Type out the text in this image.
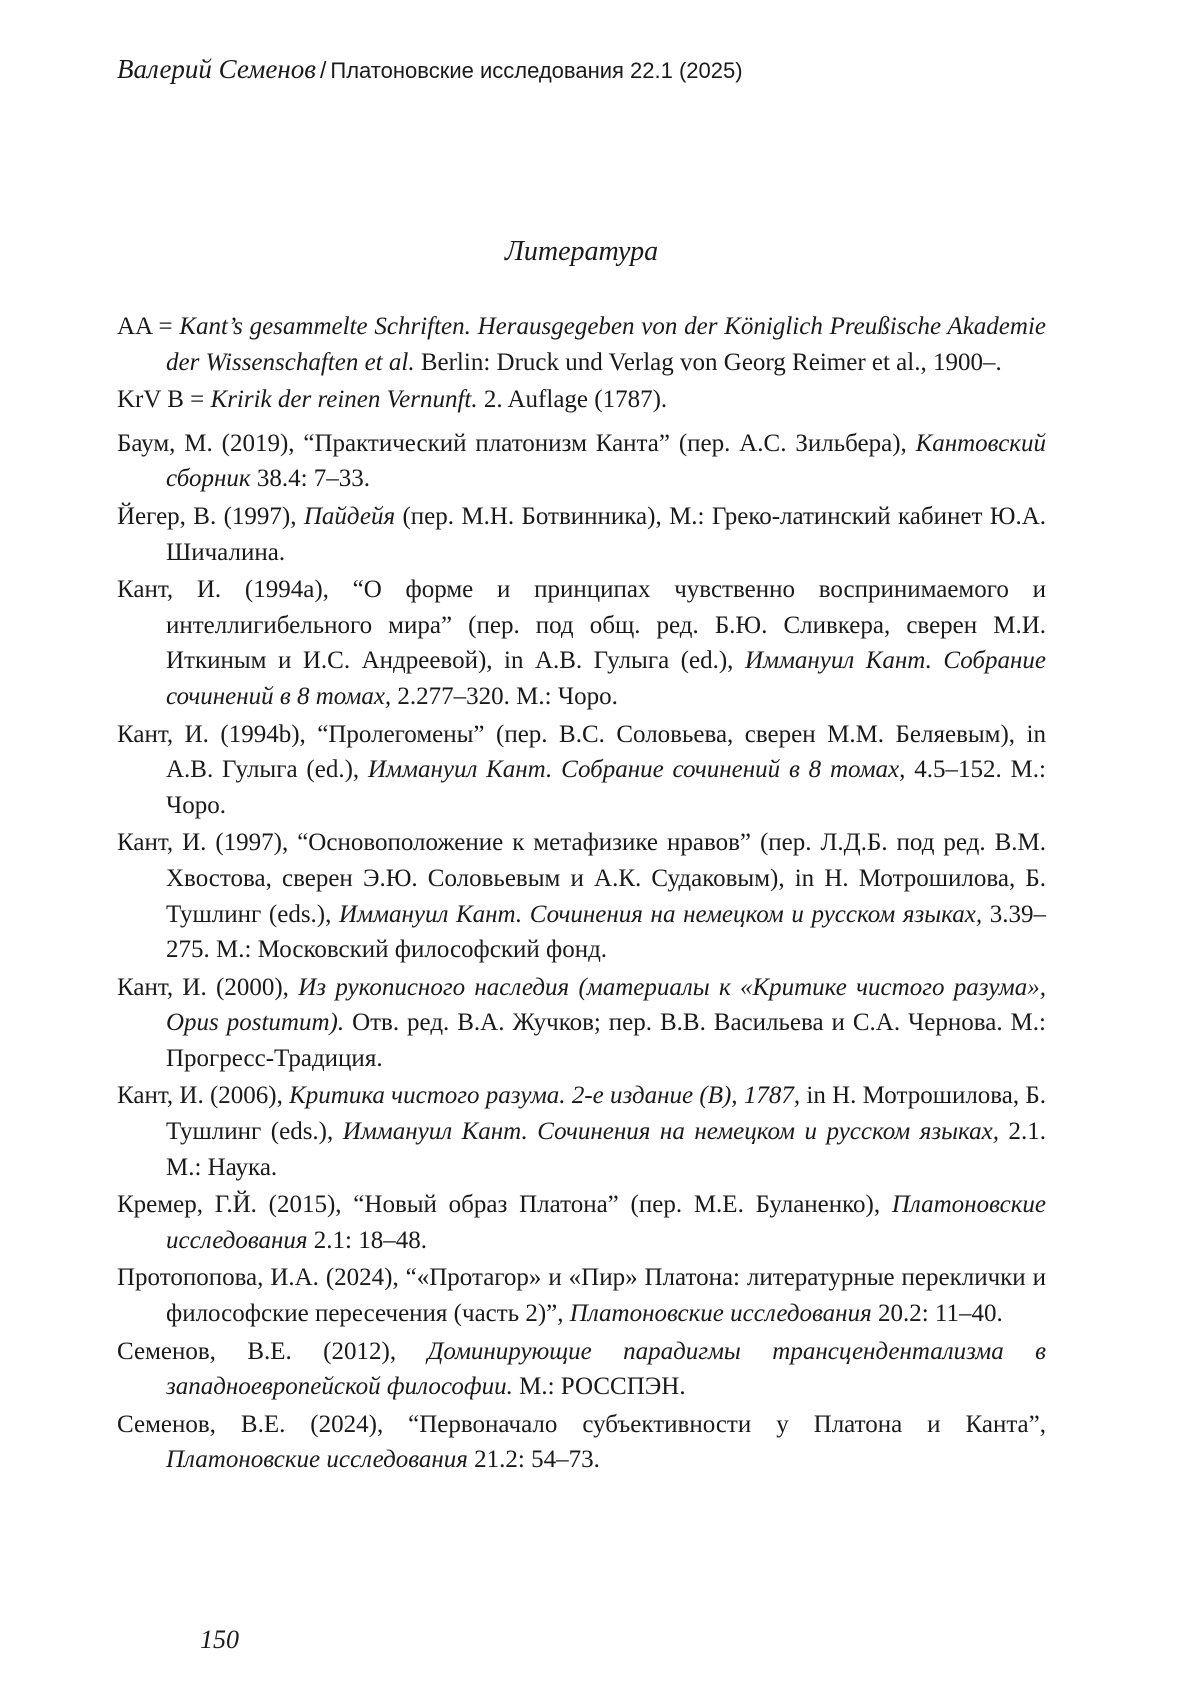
Валерий Семенов / Платоновские исследования 22.1 (2025)
Литература
AA = Kant’s gesammelte Schriften. Herausgegeben von der Königlich Preußische Akademie der Wissenschaften et al. Berlin: Druck und Verlag von Georg Reimer et al., 1900–.
KrV B = Kririk der reinen Vernunft. 2. Auflage (1787).
Баум, М. (2019), “Практический платонизм Канта” (пер. А.С. Зильбера), Кантовский сборник 38.4: 7–33.
Йегер, В. (1997), Пайдейя (пер. М.Н. Ботвинника), М.: Греко-латинский кабинет Ю.А. Шичалина.
Кант, И. (1994a), “О форме и принципах чувственно воспринимаемого и интеллигибельного мира” (пер. под общ. ред. Б.Ю. Сливкера, сверен М.И. Иткиным и И.С. Андреевой), in А.В. Гулыга (ed.), Иммануил Кант. Собрание сочинений в 8 томах, 2.277–320. М.: Чоро.
Кант, И. (1994b), “Пролегомены” (пер. В.С. Соловьева, сверен М.М. Беляевым), in А.В. Гулыга (ed.), Иммануил Кант. Собрание сочинений в 8 томах, 4.5–152. М.: Чоро.
Кант, И. (1997), “Основоположение к метафизике нравов” (пер. Л.Д.Б. под ред. В.М. Хвостова, сверен Э.Ю. Соловьевым и А.К. Судаковым), in Н. Мотрошилова, Б. Тушлинг (eds.), Иммануил Кант. Сочинения на немецком и русском языках, 3.39–275. М.: Московский философский фонд.
Кант, И. (2000), Из рукописного наследия (материалы к «Критике чистого разума», Opus postumum). Отв. ред. В.А. Жучков; пер. В.В. Васильева и С.А. Чернова. М.: Прогресс-Традиция.
Кант, И. (2006), Критика чистого разума. 2-е издание (B), 1787, in Н. Мотрошилова, Б. Тушлинг (eds.), Иммануил Кант. Сочинения на немецком и русском языках, 2.1. М.: Наука.
Кремер, Г.Й. (2015), “Новый образ Платона” (пер. М.Е. Буланенко), Платоновские исследования 2.1: 18–48.
Протопопова, И.А. (2024), “«Протагор» и «Пир» Платона: литературные переклички и философские пересечения (часть 2)”, Платоновские исследования 20.2: 11–40.
Семенов, В.Е. (2012), Доминирующие парадигмы трансцендентализма в западноевропейской философии. М.: РОССПЭН.
Семенов, В.Е. (2024), “Первоначало субъективности у Платона и Канта”, Платоновские исследования 21.2: 54–73.
150
